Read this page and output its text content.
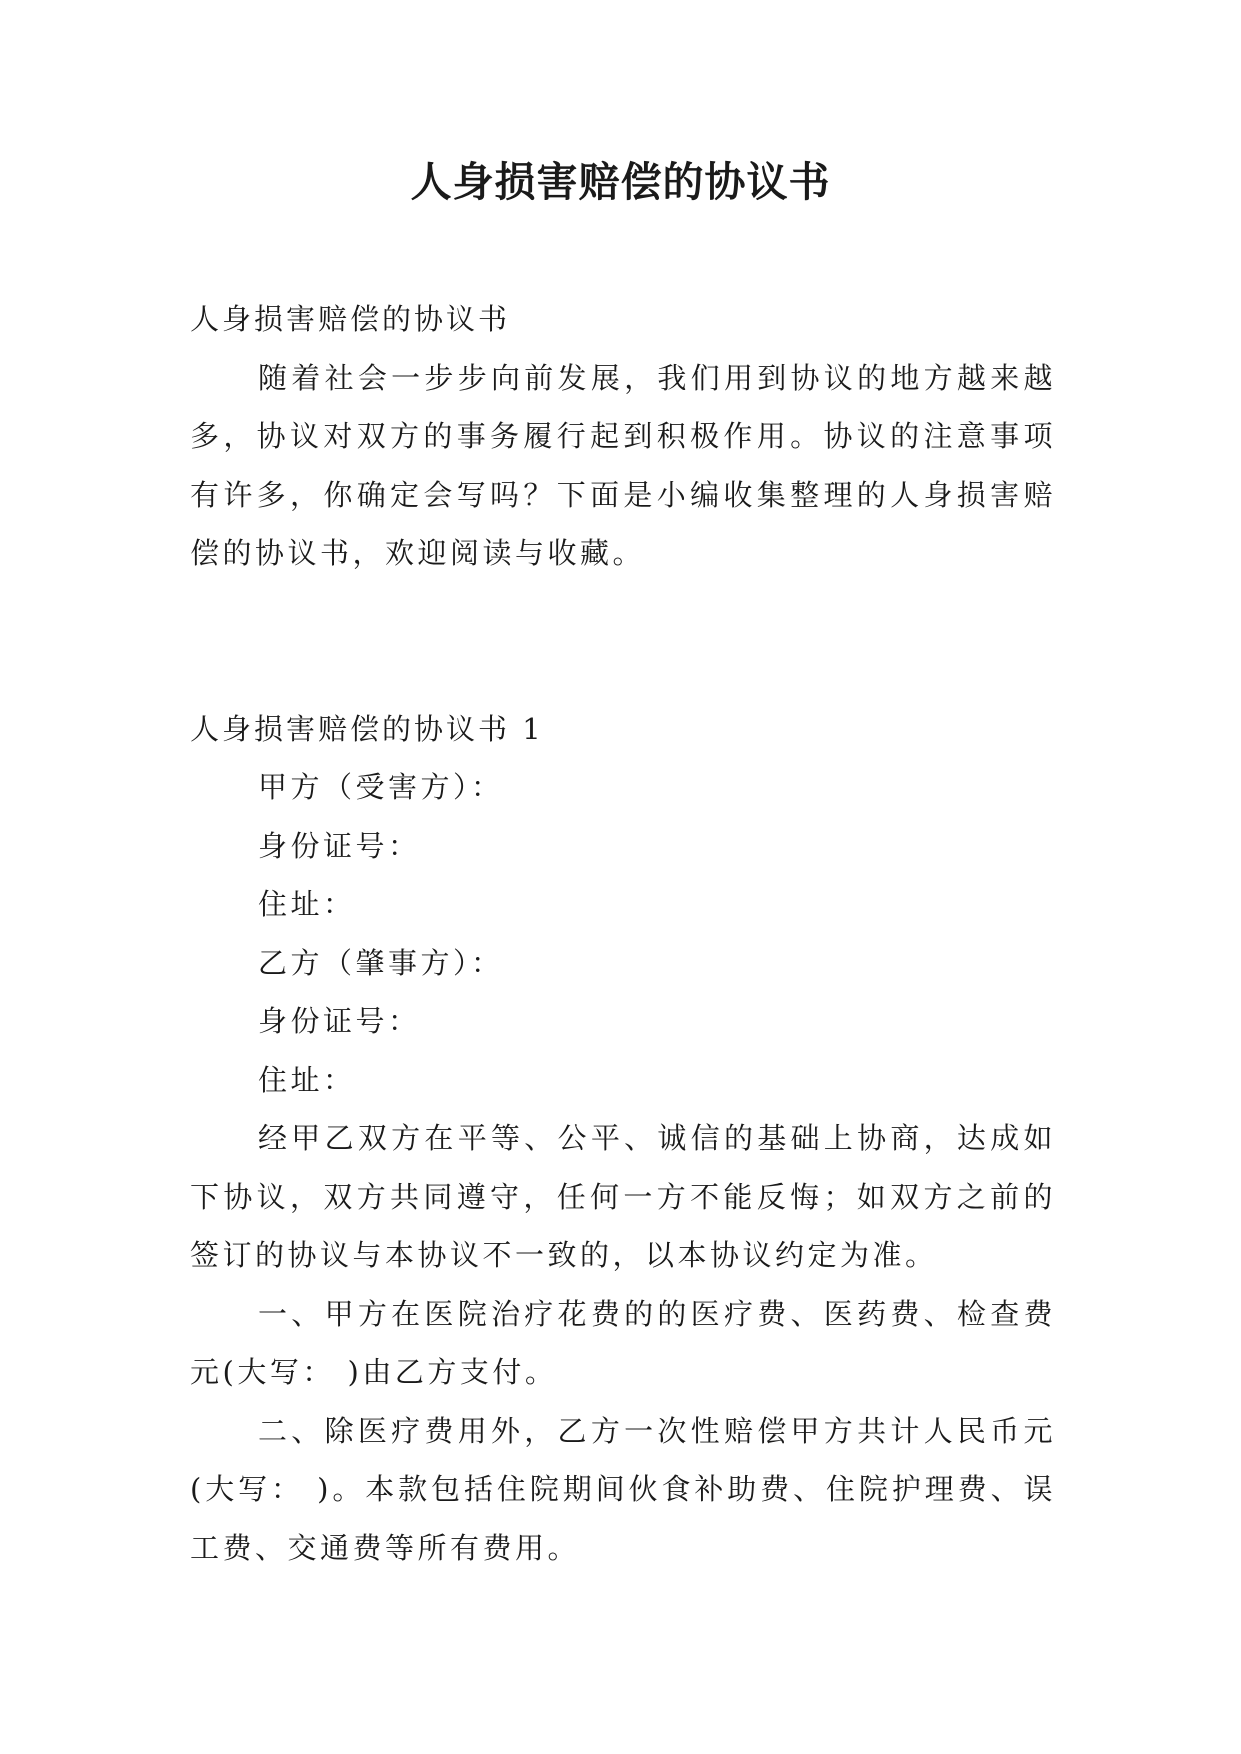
人身损害赔偿的协议书

人身损害赔偿的协议书

随着社会一步步向前发展，我们用到协议的地方越来越多，协议对双方的事务履行起到积极作用。协议的注意事项有许多，你确定会写吗？下面是小编收集整理的人身损害赔偿的协议书，欢迎阅读与收藏。

人身损害赔偿的协议书 1

甲方（受害方）：

身份证号：

住址：

乙方（肇事方）：

身份证号：

住址：

经甲乙双方在平等、公平、诚信的基础上协商，达成如下协议，双方共同遵守，任何一方不能反悔；如双方之前的签订的协议与本协议不一致的，以本协议约定为准。

一、甲方在医院治疗花费的的医疗费、医药费、检查费元(大写： )由乙方支付。

二、除医疗费用外，乙方一次性赔偿甲方共计人民币元(大写： )。本款包括住院期间伙食补助费、住院护理费、误工费、交通费等所有费用。
